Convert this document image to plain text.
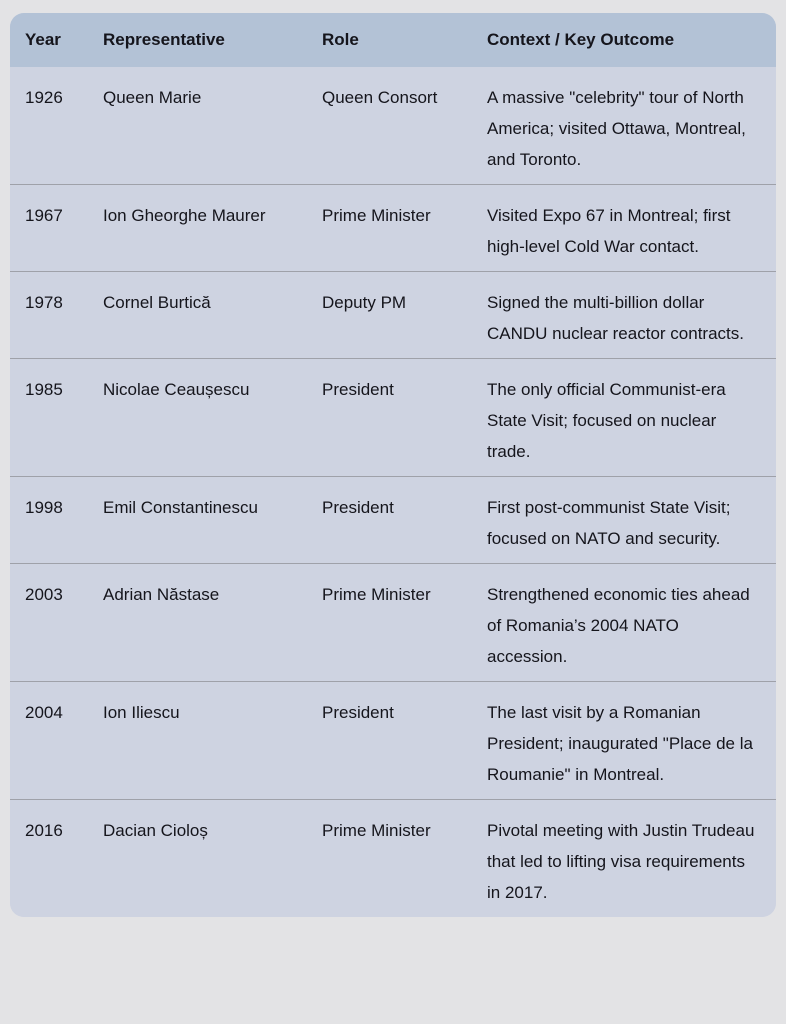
Year	Representative	Role	Context / Key Outcome
1926	Queen Marie	Queen Consort	A massive "celebrity" tour of North America; visited Ottawa, Montreal, and Toronto.
1967	Ion Gheorghe Maurer	Prime Minister	Visited Expo 67 in Montreal; first high-level Cold War contact.
1978	Cornel Burtică	Deputy PM	Signed the multi-billion dollar CANDU nuclear reactor contracts.
1985	Nicolae Ceaușescu	President	The only official Communist-era State Visit; focused on nuclear trade.
1998	Emil Constantinescu	President	First post-communist State Visit; focused on NATO and security.
2003	Adrian Năstase	Prime Minister	Strengthened economic ties ahead of Romania’s 2004 NATO accession.
2004	Ion Iliescu	President	The last visit by a Romanian President; inaugurated "Place de la Roumanie" in Montreal.
2016	Dacian Cioloș	Prime Minister	Pivotal meeting with Justin Trudeau that led to lifting visa requirements in 2017.
